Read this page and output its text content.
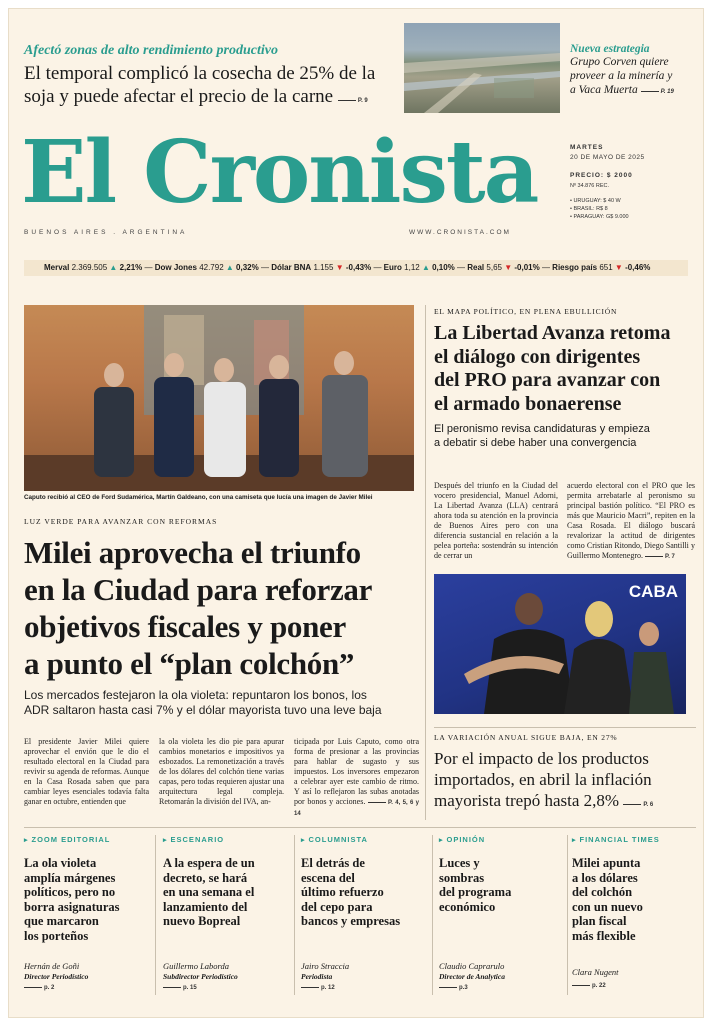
Afectó zonas de alto rendimiento productivo
El temporal complicó la cosecha de 25% de la
soja y puede afectar el precio de la carne	P. 9
Nueva estrategia
Grupo Corven quiere
proveer a la minería y
a Vaca Muerta	P. 19
El Cronista
BUENOS AIRES . ARGENTINA	WWW.CRONISTA.COM
MARTES
20 DE MAYO DE 2025
PRECIO: $ 2000
Nº 34.876 REC.
• URUGUAY: $ 40 W
• BRASIL: R$ 8
• PARAGUAY: G$ 9.000
Merval 2.369.505 ▲ 2,21% — Dow Jones 42.792 ▲ 0,32% — Dólar BNA 1.155 ▼ -0,43% — Euro 1,12 ▲ 0,10% — Real 5,65 ▼ -0,01% — Riesgo país 651 ▼ -0,46%
Caputo recibió al CEO de Ford Sudamérica, Martín Galdeano, con una camiseta que lucía una imagen de Javier Milei
LUZ VERDE PARA AVANZAR CON REFORMAS
Milei aprovecha el triunfo
en la Ciudad para reforzar
objetivos fiscales y poner
a punto el “plan colchón”
Los mercados festejaron la ola violeta: repuntaron los bonos, los
ADR saltaron hasta casi 7% y el dólar mayorista tuvo una leve baja
El presidente Javier Milei quiere aprovechar el envión que le dio el resultado electoral en la Ciudad para revivir su agenda de reformas. Aunque en la Casa Rosada saben que para cambiar leyes esenciales todavía falta ganar en octubre, entienden que
la ola violeta les dio pie para apurar cambios monetarios e impositivos ya esbozados. La remonetización a través de los dólares del colchón tiene varias capas, pero todas requieren ajustar una arquitectura legal compleja. Retomarán la división del IVA, an-
ticipada por Luis Caputo, como otra forma de presionar a las provincias para hablar de sugasto y sus impuestos. Los inversores empezaron a celebrar ayer este cambio de ritmo. Y así lo reflejaron las subas anotadas por bonos y acciones.	P. 4, 5, 6 y 14
EL MAPA POLÍTICO, EN PLENA EBULLICIÓN
La Libertad Avanza retoma
el diálogo con dirigentes
del PRO para avanzar con
el armado bonaerense
El peronismo revisa candidaturas y empieza
a debatir si debe haber una convergencia
Después del triunfo en la Ciudad del vocero presidencial, Manuel Adorni, La Libertad Avanza (LLA) centrará ahora toda su atención en la provincia de Buenos Aires pero con una diferencia sustancial en relación a la pelea porteña: sostendrán su intención de cerrar un
acuerdo electoral con el PRO que les permita arrebatarle al peronismo su principal bastión político. “El PRO es más que Mauricio Macri”, repiten en la Casa Rosada. El diálogo buscará revalorizar la actitud de dirigentes como Cristian Ritondo, Diego Santilli y Guillermo Montenegro.	P. 7
CABA
LA VARIACIÓN ANUAL SIGUE BAJA, EN 27%
Por el impacto de los productos
importados, en abril la inflación
mayorista trepó hasta 2,8%	P. 6
▸ ZOOM EDITORIAL
La ola violeta
amplía márgenes
políticos, pero no
borra asignaturas
que marcaron
los porteños
Hernán de Goñi
Director Periodístico
p. 2
▸ ESCENARIO
A la espera de un
decreto, se hará
en una semana el
lanzamiento del
nuevo Bopreal
Guillermo Laborda
Subdirector Periodístico
p. 15
▸ COLUMNISTA
El detrás de
escena del
último refuerzo
del cepo para
bancos y empresas
Jairo Straccia
Periodista
p. 12
▸ OPINIÓN
Luces y
sombras
del programa
económico
Claudio Caprarulo
Director de Analytica
p.3
▸ FINANCIAL TIMES
Milei apunta
a los dólares
del colchón
con un nuevo
plan fiscal
más flexible
Clara Nugent
p. 22
